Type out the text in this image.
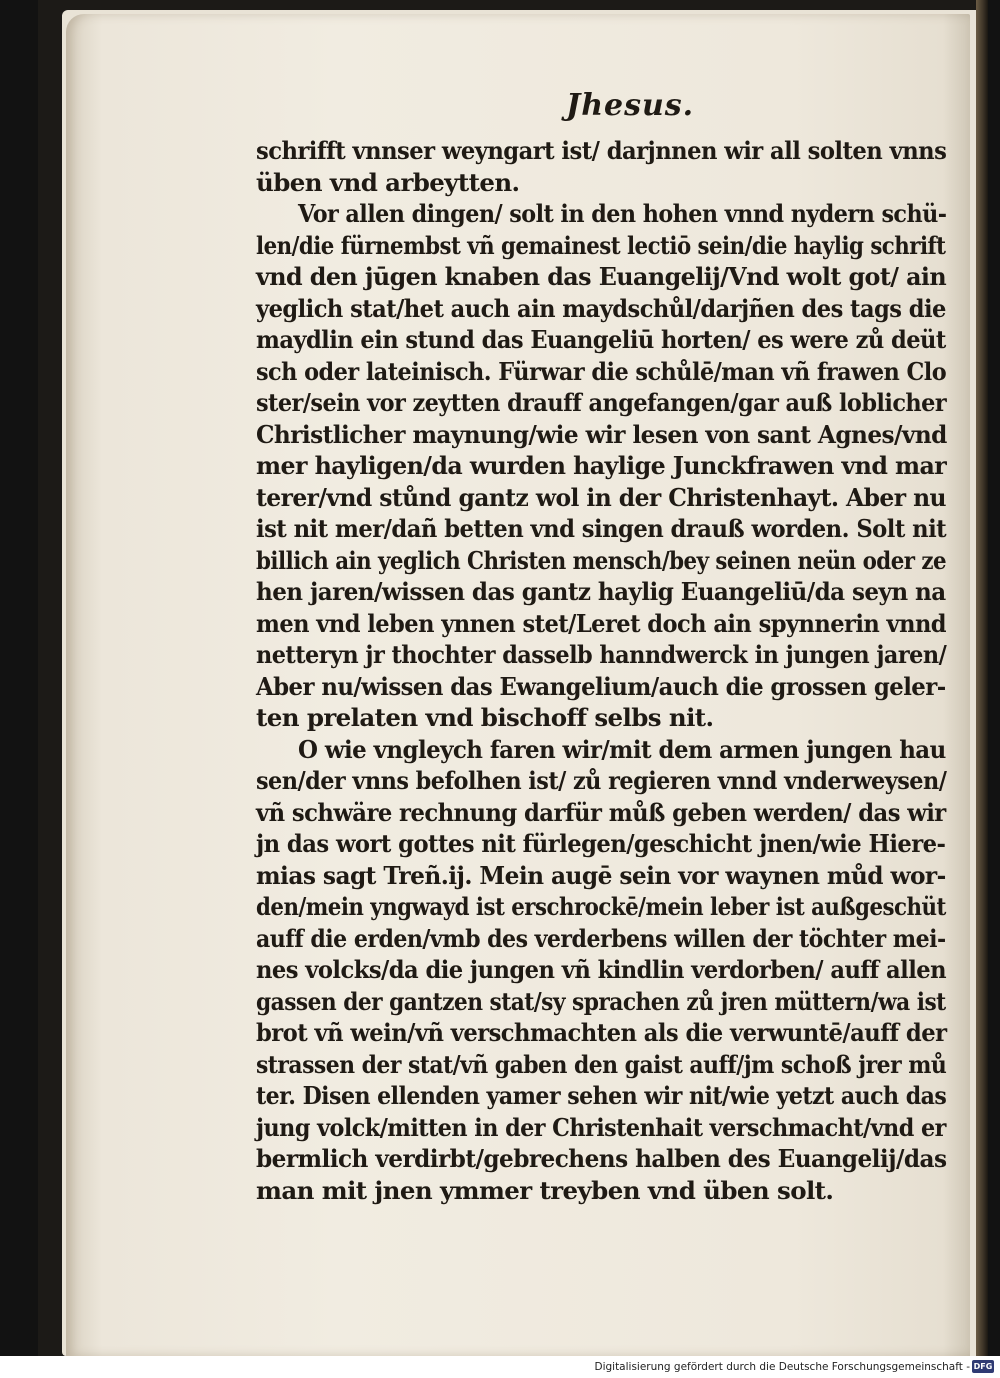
Jhesus.
schrifft vnnser weyngart ist/ darjnnen wir all solten vnns
üben vnd arbeytten.
Vor allen dingen/ solt in den hohen vnnd nydern schü-
len/die fürnembst vñ gemainest lectiō sein/die haylig schrift
vnd den jūgen knaben das Euangelij/Vnd wolt got/ ain
yeglich stat/het auch ain maydschůl/darjñen des tags die
maydlin ein stund das Euangeliū horten/ es were zů deüt
sch oder lateinisch. Fürwar die schůlē/man vñ frawen Clo
ster/sein vor zeytten drauff angefangen/gar auß loblicher
Christlicher maynung/wie wir lesen von sant Agnes/vnd
mer hayligen/da wurden haylige Junckfrawen vnd mar
terer/vnd stůnd gantz wol in der Christenhayt. Aber nu
ist nit mer/dañ betten vnd singen drauß worden. Solt nit
billich ain yeglich Christen mensch/bey seinen neün oder ze
hen jaren/wissen das gantz haylig Euangeliū/da seyn na
men vnd leben ynnen stet/Leret doch ain spynnerin vnnd
netteryn jr thochter dasselb hanndwerck in jungen jaren/
Aber nu/wissen das Ewangelium/auch die grossen geler-
ten prelaten vnd bischoff selbs nit.
O wie vngleych faren wir/mit dem armen jungen hau
sen/der vnns befolhen ist/ zů regieren vnnd vnderweysen/
vñ schwäre rechnung darfür můß geben werden/ das wir
jn das wort gottes nit fürlegen/geschicht jnen/wie Hiere-
mias sagt Treñ.ij. Mein augē sein vor waynen můd wor-
den/mein yngwayd ist erschrockē/mein leber ist außgeschüt
auff die erden/vmb des verderbens willen der töchter mei-
nes volcks/da die jungen vñ kindlin verdorben/ auff allen
gassen der gantzen stat/sy sprachen zů jren müttern/wa ist
brot vñ wein/vñ verschmachten als die verwuntē/auff der
strassen der stat/vñ gaben den gaist auff/jm schoß jrer mů
ter. Disen ellenden yamer sehen wir nit/wie yetzt auch das
jung volck/mitten in der Christenhait verschmacht/vnd er
bermlich verdirbt/gebrechens halben des Euangelij/das
man mit jnen ymmer treyben vnd üben solt.
Digitalisierung gefördert durch die Deutsche Forschungsgemeinschaft - DFG
